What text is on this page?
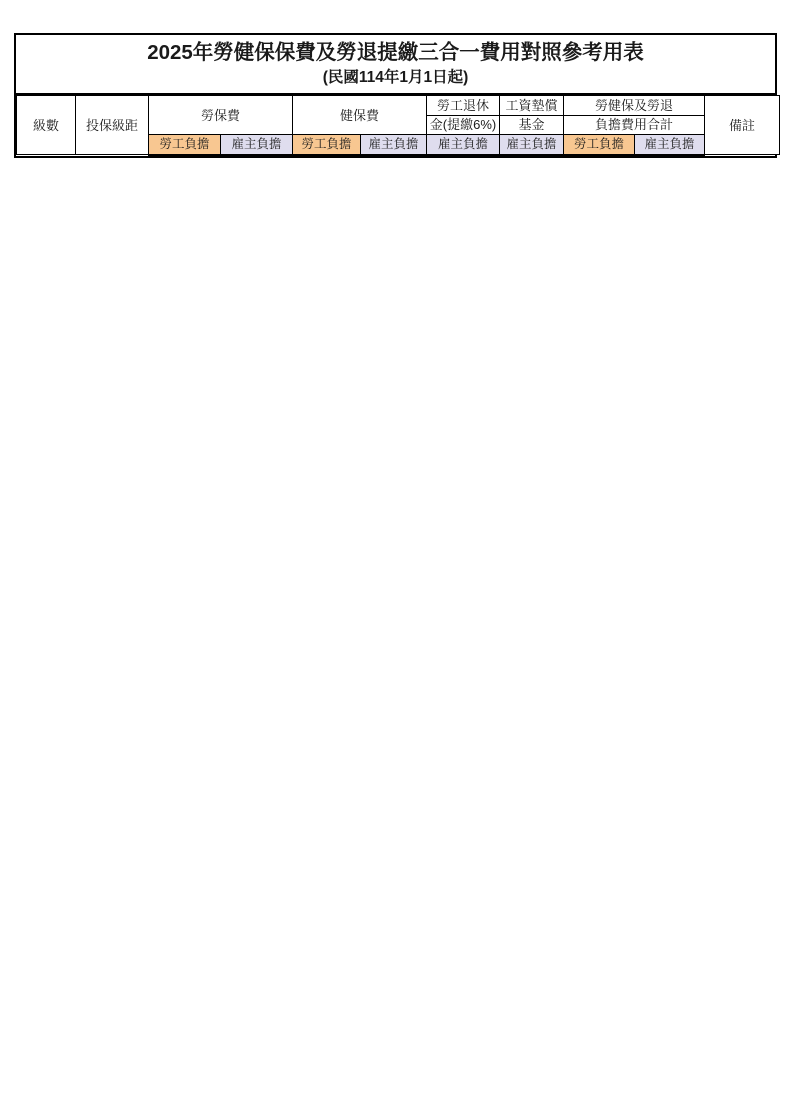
2025年勞健保保費及勞退提繳三合一費用對照參考用表
(民國114年1月1日起)
級數	投保級距	勞保費		健保費		勞工退休	工資墊償	勞健保及勞退		備註
						金(提繳6%)	基金	負擔費用合計		
		勞工負擔	雇主負擔	勞工負擔	雇主負擔	雇主負擔	雇主負擔	勞工負擔	雇主負擔	
